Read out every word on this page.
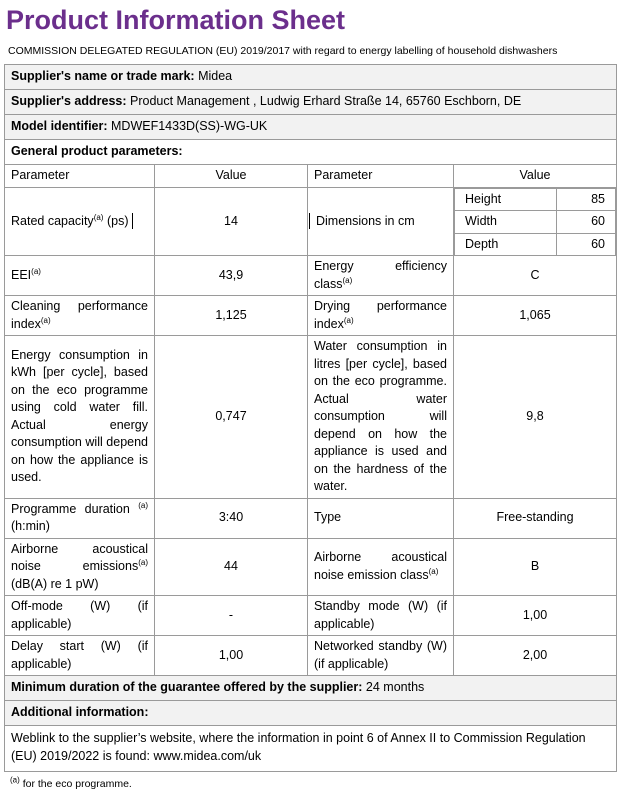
Product Information Sheet
COMMISSION DELEGATED REGULATION (EU) 2019/2017 with regard to energy labelling of household dishwashers
Supplier's name or trade mark: Midea
Supplier's address: Product Management , Ludwig Erhard Straße 14, 65760 Eschborn, DE
Model identifier: MDWEF1433D(SS)-WG-UK
General product parameters:
Parameter	Value	Parameter	Value
Rated capacity$^{(a)}$ (ps)	14	Dimensions in cm	
Height	85
Width	60
Depth	60

EEI$^{(a)}$	43,9	Energy efficiency class$^{(a)}$	C
Cleaning performance index$^{(a)}$	1,125	Drying performance index$^{(a)}$	1,065
Energy consumption in kWh [per cycle], based on the eco programme using cold water fill. Actual energy consumption will depend on how the appliance is used.	0,747	Water consumption in litres [per cycle], based on the eco programme. Actual water consumption will depend on how the appliance is used and on the hardness of the water.	9,8
Programme duration $^{(a)}$ (h:min)	3:40	Type	Free-standing
Airborne acoustical noise emissions$^{(a)}$ (dB(A) re 1 pW)	44	Airborne acoustical noise emission class$^{(a)}$	B
Off-mode (W) (if applicable)	-	Standby mode (W) (if applicable)	1,00
Delay start (W) (if applicable)	1,00	Networked standby (W) (if applicable)	2,00
Minimum duration of the guarantee offered by the supplier: 24 months
Additional information:
Weblink to the supplier’s website, where the information in point 6 of Annex II to Commission Regulation (EU) 2019/2022 is found: www.midea.com/uk
$^{(a)}$ for the eco programme.
